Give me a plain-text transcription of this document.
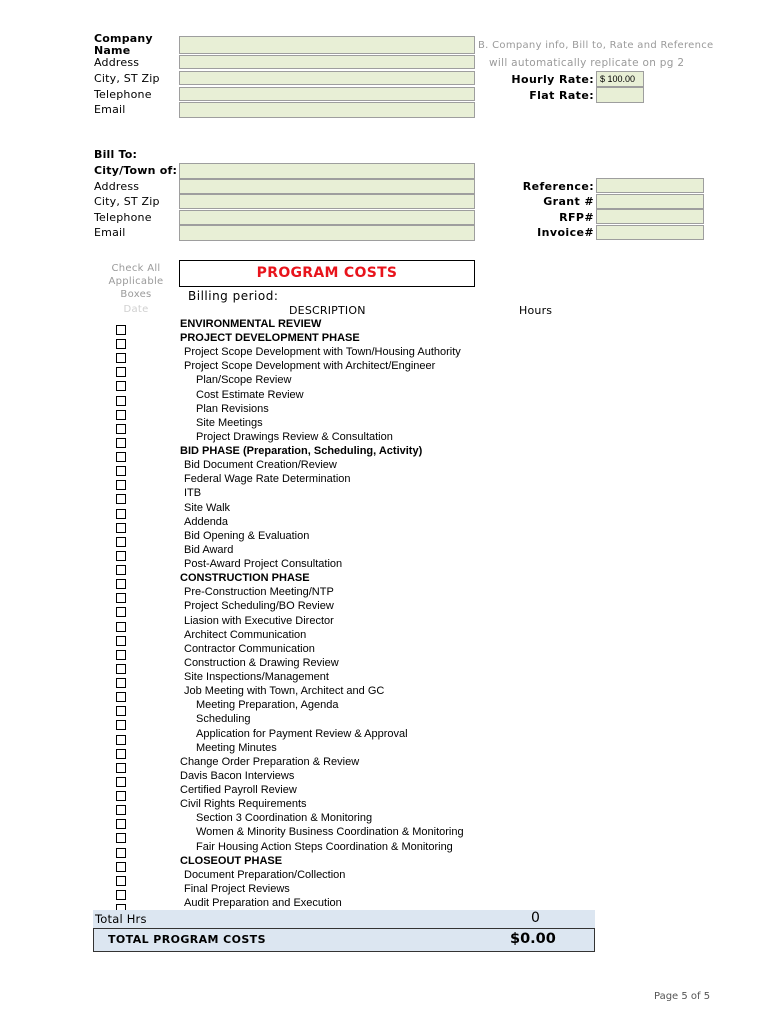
Company Name
Address
City, ST Zip
Telephone
Email
B. Company info, Bill to, Rate and Reference
will automatically replicate on pg 2
Hourly Rate: $ 100.00
Flat Rate:
Bill To:
City/Town of:
Address
City, ST Zip
Telephone
Email
Reference:
Grant #
RFP#
Invoice#
Check All
Applicable
Boxes
Date
PROGRAM COSTS
Billing period:
DESCRIPTION	Hours
ENVIRONMENTAL REVIEW
PROJECT DEVELOPMENT PHASE
Project Scope Development with Town/Housing Authority
Project Scope Development with Architect/Engineer
Plan/Scope Review
Cost Estimate Review
Plan Revisions
Site Meetings
Project Drawings Review & Consultation
BID PHASE (Preparation, Scheduling, Activity)
Bid Document Creation/Review
Federal Wage Rate Determination
ITB
Site Walk
Addenda
Bid Opening & Evaluation
Bid Award
Post-Award Project Consultation
CONSTRUCTION PHASE
Pre-Construction Meeting/NTP
Project Scheduling/BO Review
Liasion with Executive Director
Architect Communication
Contractor Communication
Construction & Drawing Review
Site Inspections/Management
Job Meeting with Town, Architect and GC
Meeting Preparation, Agenda
Scheduling
Application for Payment Review & Approval
Meeting Minutes
Change Order Preparation & Review
Davis Bacon Interviews
Certified Payroll Review
Civil Rights Requirements
Section 3 Coordination & Monitoring
Women & Minority Business Coordination & Monitoring
Fair Housing Action Steps Coordination & Monitoring
CLOSEOUT PHASE
Document Preparation/Collection
Final Project Reviews
Audit Preparation and Execution
Total Hrs	0
TOTAL PROGRAM COSTS	$0.00
Page 5 of 5
